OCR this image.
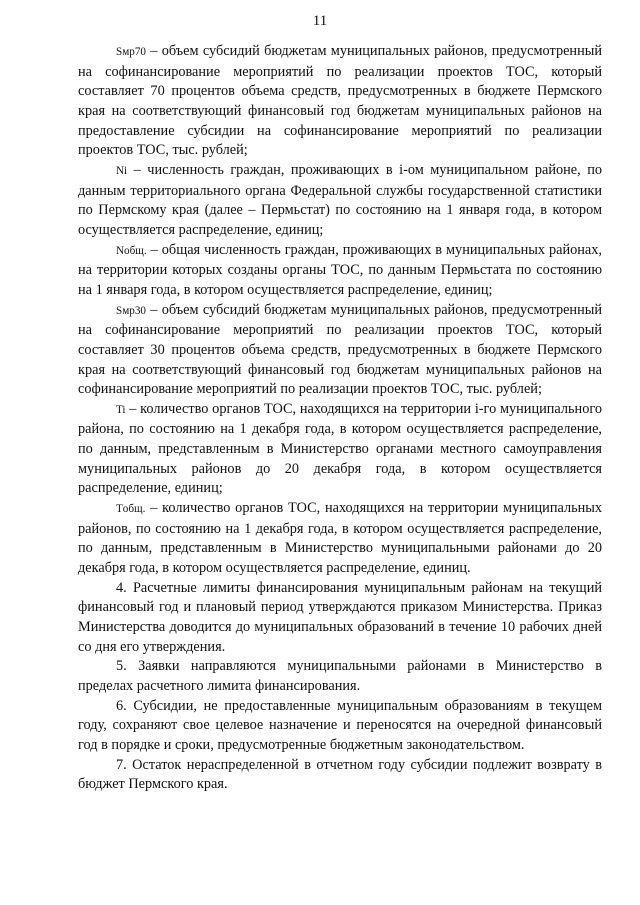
11

Sмр70 – объем субсидий бюджетам муниципальных районов, предусмотренный на софинансирование мероприятий по реализации проектов ТОС, который составляет 70 процентов объема средств, предусмотренных в бюджете Пермского края на соответствующий финансовый год бюджетам муниципальных районов на предоставление субсидии на софинансирование мероприятий по реализации проектов ТОС, тыс. рублей;

Ni – численность граждан, проживающих в i-ом муниципальном районе, по данным территориального органа Федеральной службы государственной статистики по Пермскому края (далее – Пермьстат) по состоянию на 1 января года, в котором осуществляется распределение, единиц;

Nобщ. – общая численность граждан, проживающих в муниципальных районах, на территории которых созданы органы ТОС, по данным Пермьстата по состоянию на 1 января года, в котором осуществляется распределение, единиц;

Sмр30 – объем субсидий бюджетам муниципальных районов, предусмотренный на софинансирование мероприятий по реализации проектов ТОС, который составляет 30 процентов объема средств, предусмотренных в бюджете Пермского края на соответствующий финансовый год бюджетам муниципальных районов на софинансирование мероприятий по реализации проектов ТОС, тыс. рублей;

Ti – количество органов ТОС, находящихся на территории i-го муниципального района, по состоянию на 1 декабря года, в котором осуществляется распределение, по данным, представленным в Министерство органами местного самоуправления муниципальных районов до 20 декабря года, в котором осуществляется распределение, единиц;

Tобщ. – количество органов ТОС, находящихся на территории муниципальных районов, по состоянию на 1 декабря года, в котором осуществляется распределение, по данным, представленным в Министерство муниципальными районами до 20 декабря года, в котором осуществляется распределение, единиц.

4. Расчетные лимиты финансирования муниципальным районам на текущий финансовый год и плановый период утверждаются приказом Министерства. Приказ Министерства доводится до муниципальных образований в течение 10 рабочих дней со дня его утверждения.

5. Заявки направляются муниципальными районами в Министерство в пределах расчетного лимита финансирования.

6. Субсидии, не предоставленные муниципальным образованиям в текущем году, сохраняют свое целевое назначение и переносятся на очередной финансовый год в порядке и сроки, предусмотренные бюджетным законодательством.

7. Остаток нераспределенной в отчетном году субсидии подлежит возврату в бюджет Пермского края.
